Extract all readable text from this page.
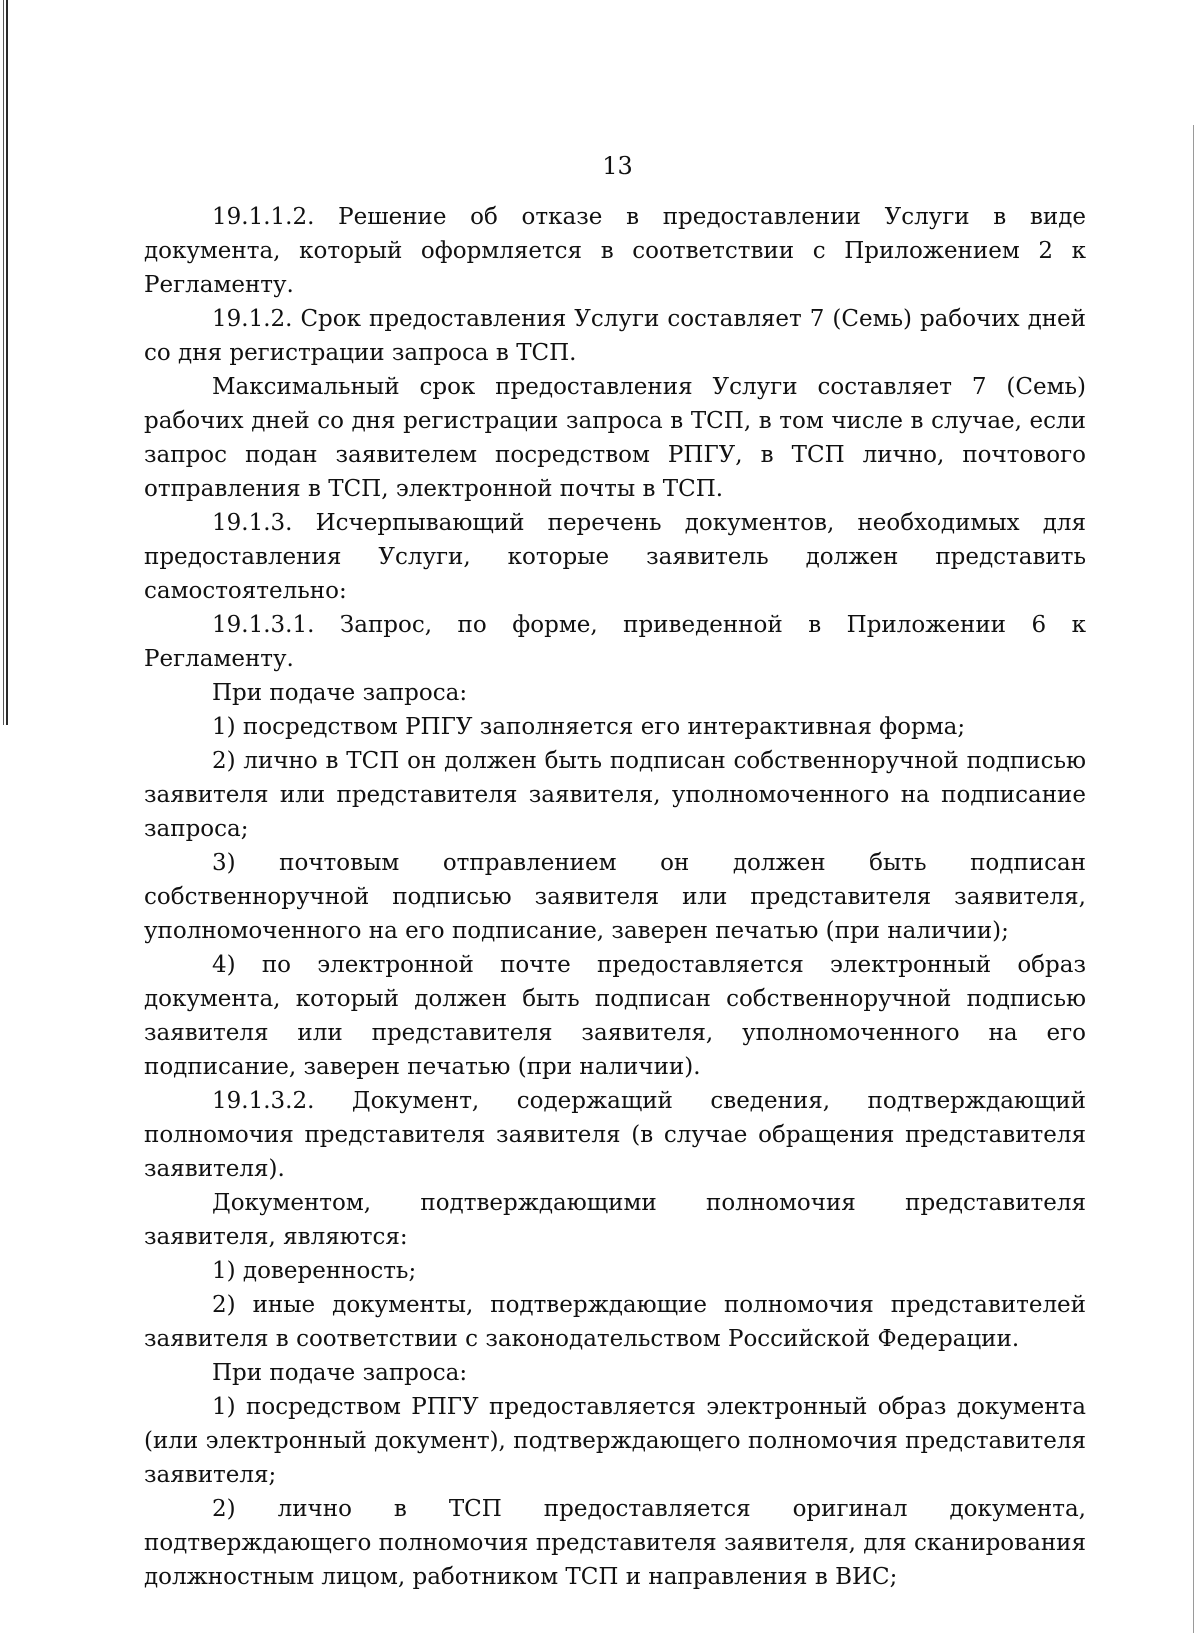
13

19.1.1.2. Решение об отказе в предоставлении Услуги в виде документа, который оформляется в соответствии с Приложением 2 к Регламенту.

19.1.2. Срок предоставления Услуги составляет 7 (Семь) рабочих дней со дня регистрации запроса в ТСП.

Максимальный срок предоставления Услуги составляет 7 (Семь) рабочих дней со дня регистрации запроса в ТСП, в том числе в случае, если запрос подан заявителем посредством РПГУ, в ТСП лично, почтового отправления в ТСП, электронной почты в ТСП.

19.1.3. Исчерпывающий перечень документов, необходимых для предоставления Услуги, которые заявитель должен представить самостоятельно:

19.1.3.1. Запрос, по форме, приведенной в Приложении 6 к Регламенту.

При подаче запроса:

1) посредством РПГУ заполняется его интерактивная форма;

2) лично в ТСП он должен быть подписан собственноручной подписью заявителя или представителя заявителя, уполномоченного на подписание запроса;

3) почтовым отправлением он должен быть подписан собственноручной подписью заявителя или представителя заявителя, уполномоченного на его подписание, заверен печатью (при наличии);

4) по электронной почте предоставляется электронный образ документа, который должен быть подписан собственноручной подписью заявителя или представителя заявителя, уполномоченного на его подписание, заверен печатью (при наличии).

19.1.3.2. Документ, содержащий сведения, подтверждающий полномочия представителя заявителя (в случае обращения представителя заявителя).

Документом, подтверждающими полномочия представителя заявителя, являются:

1) доверенность;

2) иные документы, подтверждающие полномочия представителей заявителя в соответствии с законодательством Российской Федерации.

При подаче запроса:

1) посредством РПГУ предоставляется электронный образ документа (или электронный документ), подтверждающего полномочия представителя заявителя;

2) лично в ТСП предоставляется оригинал документа, подтверждающего полномочия представителя заявителя, для сканирования должностным лицом, работником ТСП и направления в ВИС;
